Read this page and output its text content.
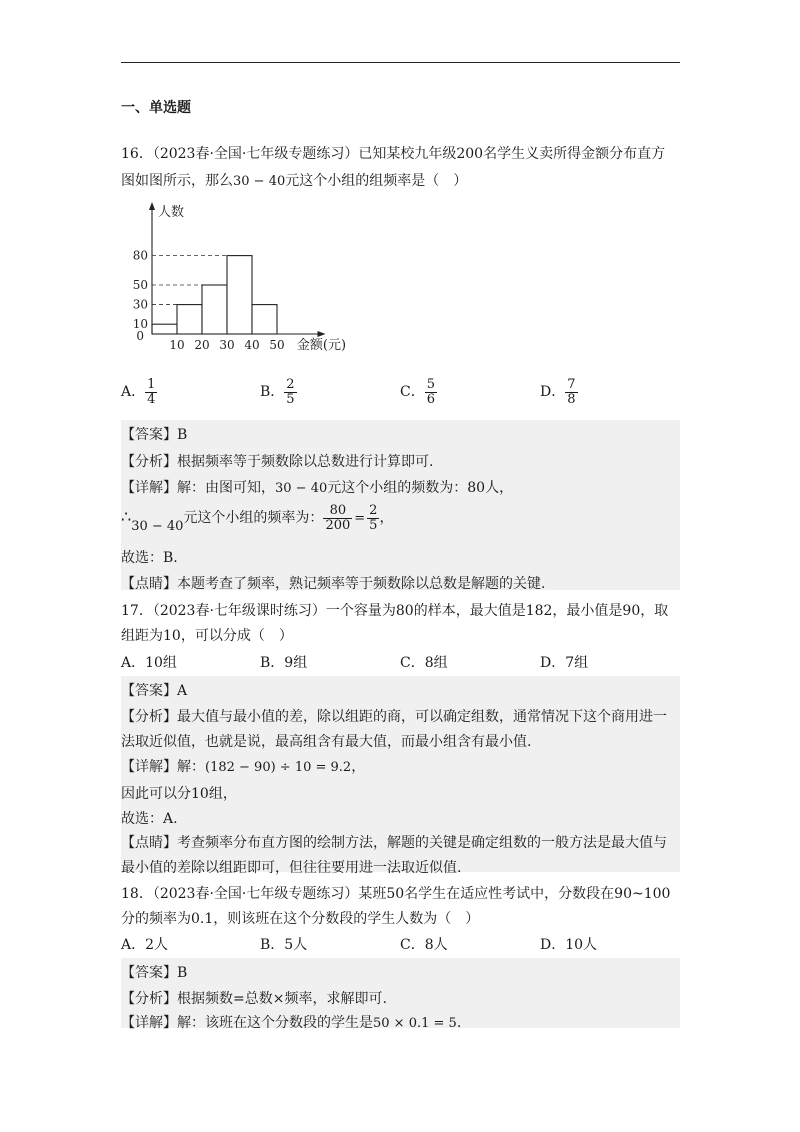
一、单选题
16．（2023春·全国·七年级专题练习）已知某校九年级200名学生义卖所得金额分布直方
图如图所示，那么30 − 40元这个小组的组频率是（　）
10 20 30 40 50
10
30
50
80
0
人数
金额(元)
A． $\frac{1}{4}$	B． $\frac{2}{5}$	C． $\frac{5}{6}$	D． $\frac{7}{8}$
【答案】B
【分析】根据频率等于频数除以总数进行计算即可.
【详解】解：由图可知，30 − 40元这个小组的频数为：80人，
∴30 − 40元这个小组的频率为： $\frac{80}{200} = \frac{2}{5}$ ，
故选：B.
【点睛】本题考查了频率，熟记频率等于频数除以总数是解题的关键.
17．（2023春·七年级课时练习）一个容量为80的样本，最大值是182，最小值是90，取
组距为10，可以分成（　）
A．10组	B．9组	C．8组	D．7组
【答案】A
【分析】最大值与最小值的差，除以组距的商，可以确定组数，通常情况下这个商用进一
法取近似值，也就是说，最高组含有最大值，而最小组含有最小值.
【详解】解：(182 − 90) ÷ 10 = 9.2，
因此可以分10组，
故选：A.
【点睛】考查频率分布直方图的绘制方法，解题的关键是确定组数的一般方法是最大值与
最小值的差除以组距即可，但往往要用进一法取近似值.
18．（2023春·全国·七年级专题练习）某班50名学生在适应性考试中，分数段在90~100
分的频率为0.1，则该班在这个分数段的学生人数为（　）
A．2人	B．5人	C．8人	D．10人
【答案】B
【分析】根据频数=总数×频率，求解即可.
【详解】解：该班在这个分数段的学生是50 × 0.1 = 5.
